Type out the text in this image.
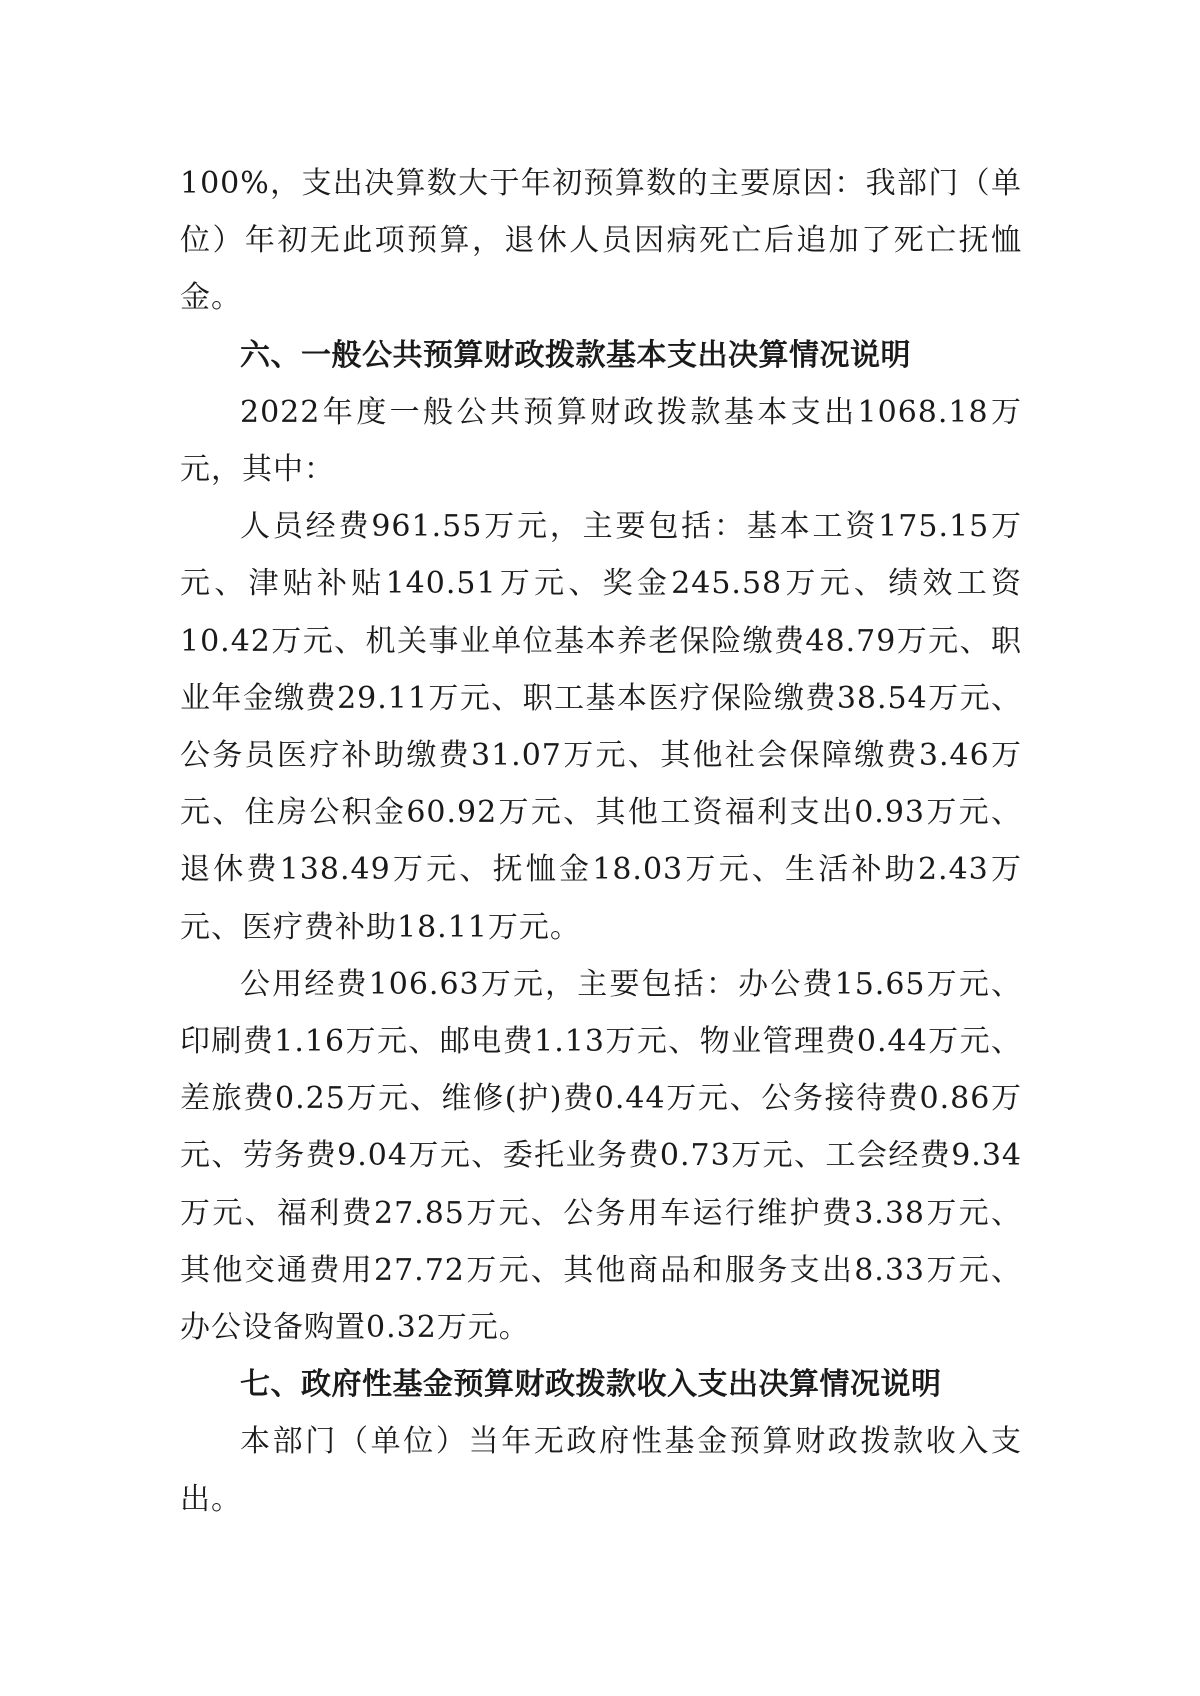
100%，支出决算数大于年初预算数的主要原因：我部门（单位）年初无此项预算，退休人员因病死亡后追加了死亡抚恤金。

六、一般公共预算财政拨款基本支出决算情况说明

2022年度一般公共预算财政拨款基本支出1068.18万元，其中：

人员经费961.55万元，主要包括：基本工资175.15万元、津贴补贴140.51万元、奖金245.58万元、绩效工资10.42万元、机关事业单位基本养老保险缴费48.79万元、职业年金缴费29.11万元、职工基本医疗保险缴费38.54万元、公务员医疗补助缴费31.07万元、其他社会保障缴费3.46万元、住房公积金60.92万元、其他工资福利支出0.93万元、退休费138.49万元、抚恤金18.03万元、生活补助2.43万元、医疗费补助18.11万元。

公用经费106.63万元，主要包括：办公费15.65万元、印刷费1.16万元、邮电费1.13万元、物业管理费0.44万元、差旅费0.25万元、维修(护)费0.44万元、公务接待费0.86万元、劳务费9.04万元、委托业务费0.73万元、工会经费9.34万元、福利费27.85万元、公务用车运行维护费3.38万元、其他交通费用27.72万元、其他商品和服务支出8.33万元、办公设备购置0.32万元。

七、政府性基金预算财政拨款收入支出决算情况说明

本部门（单位）当年无政府性基金预算财政拨款收入支出。
